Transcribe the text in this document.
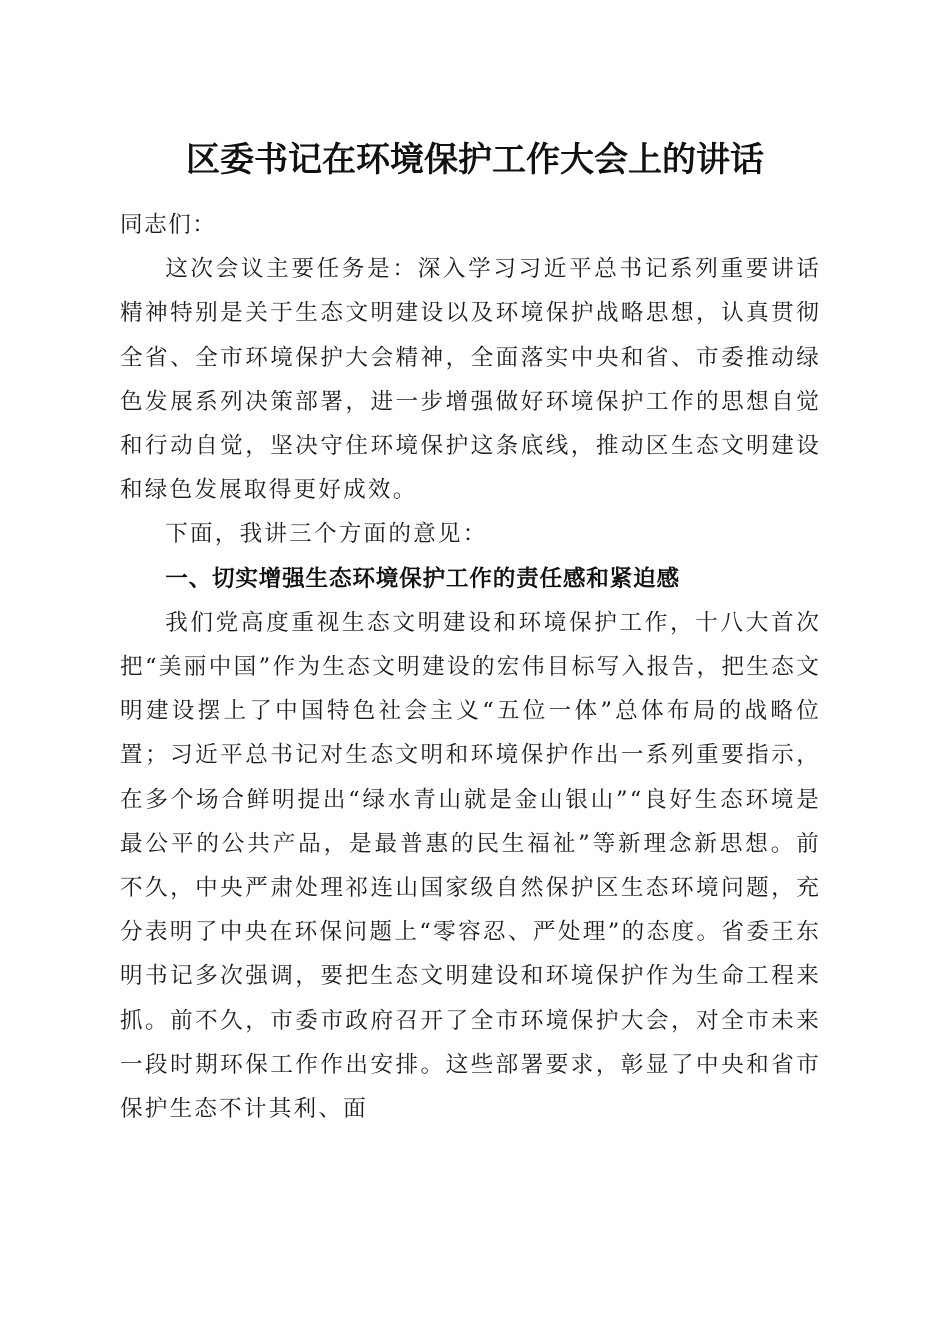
区委书记在环境保护工作大会上的讲话

同志们：

这次会议主要任务是：深入学习习近平总书记系列重要讲话精神特别是关于生态文明建设以及环境保护战略思想，认真贯彻全省、全市环境保护大会精神，全面落实中央和省、市委推动绿色发展系列决策部署，进一步增强做好环境保护工作的思想自觉和行动自觉，坚决守住环境保护这条底线，推动区生态文明建设和绿色发展取得更好成效。

下面，我讲三个方面的意见：

一、切实增强生态环境保护工作的责任感和紧迫感

我们党高度重视生态文明建设和环境保护工作，十八大首次把“美丽中国”作为生态文明建设的宏伟目标写入报告，把生态文明建设摆上了中国特色社会主义“五位一体”总体布局的战略位置；习近平总书记对生态文明和环境保护作出一系列重要指示，在多个场合鲜明提出“绿水青山就是金山银山”“良好生态环境是最公平的公共产品，是最普惠的民生福祉”等新理念新思想。前不久，中央严肃处理祁连山国家级自然保护区生态环境问题，充分表明了中央在环保问题上“零容忍、严处理”的态度。省委王东明书记多次强调，要把生态文明建设和环境保护作为生命工程来抓。前不久，市委市政府召开了全市环境保护大会，对全市未来一段时期环保工作作出安排。这些部署要求，彰显了中央和省市保护生态不计其利、面
